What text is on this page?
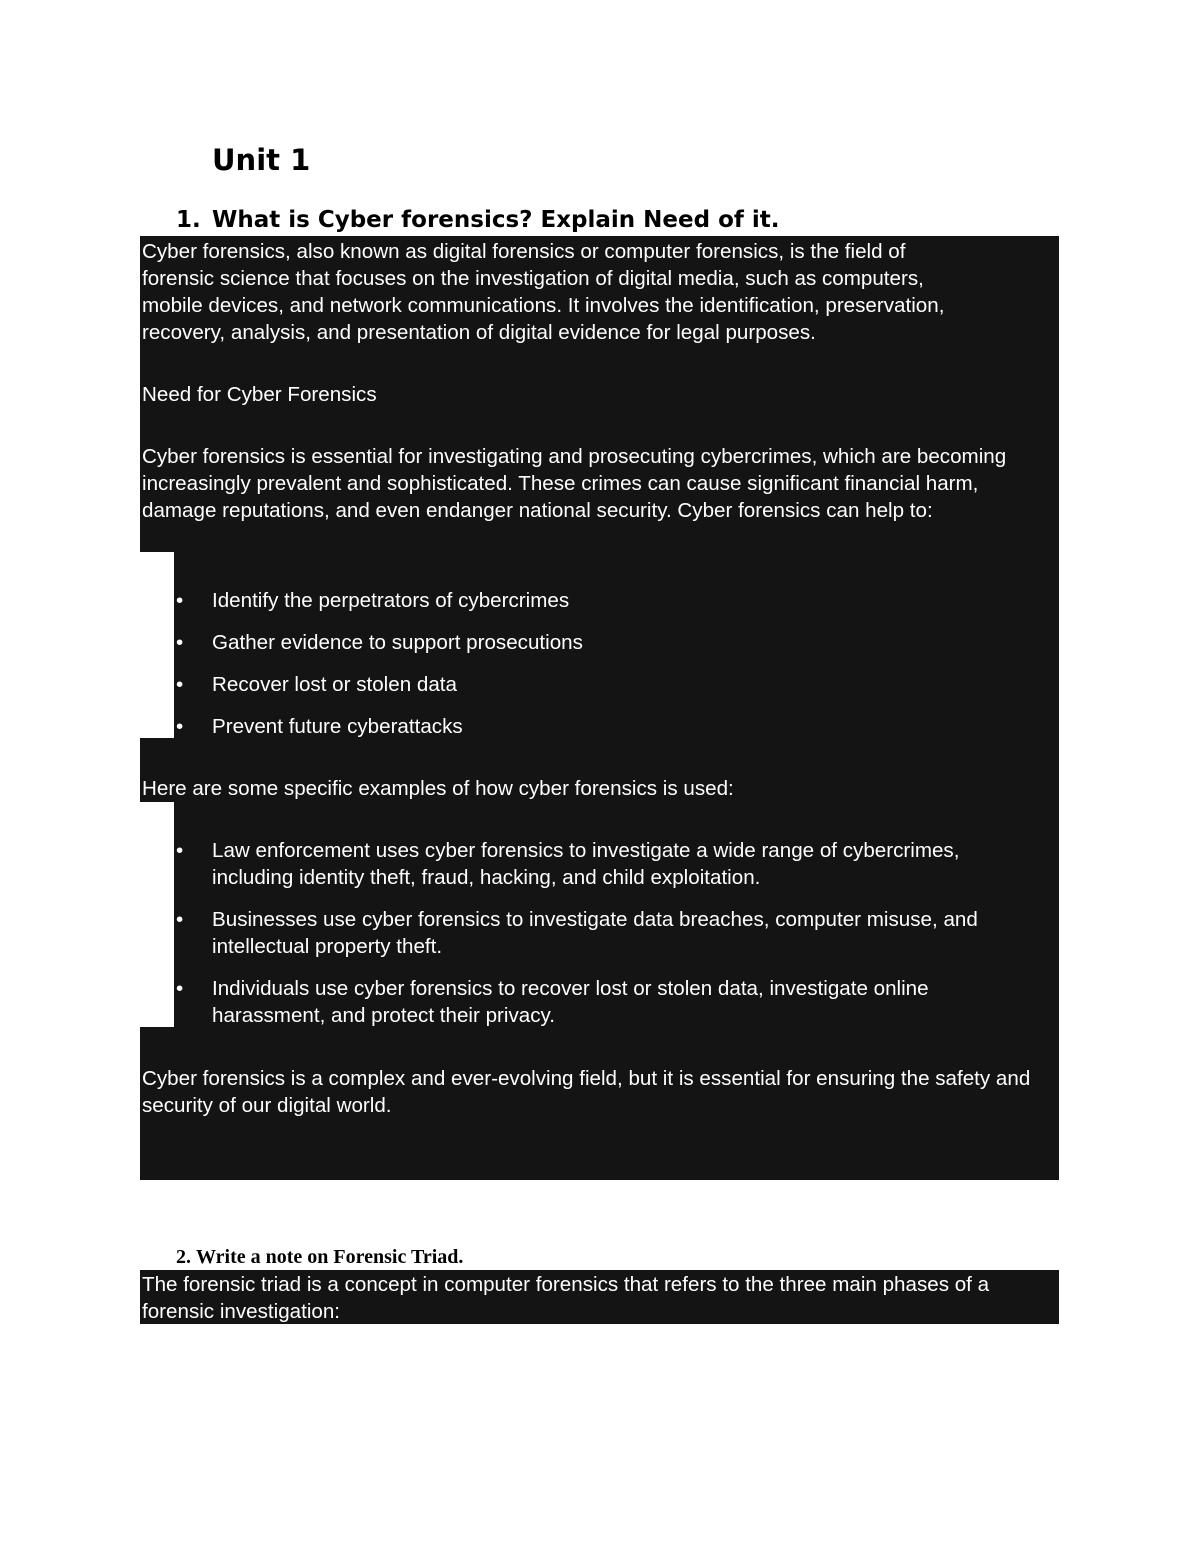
Unit 1
1. What is Cyber forensics? Explain Need of it.
Cyber forensics, also known as digital forensics or computer forensics, is the field of
forensic science that focuses on the investigation of digital media, such as computers,
mobile devices, and network communications. It involves the identification, preservation,
recovery, analysis, and presentation of digital evidence for legal purposes.

Need for Cyber Forensics

Cyber forensics is essential for investigating and prosecuting cybercrimes, which are becoming increasingly prevalent and sophisticated. These crimes can cause significant financial harm, damage reputations, and even endanger national security. Cyber forensics can help to:

• Identify the perpetrators of cybercrimes
• Gather evidence to support prosecutions
• Recover lost or stolen data
• Prevent future cyberattacks

Here are some specific examples of how cyber forensics is used:

• Law enforcement uses cyber forensics to investigate a wide range of cybercrimes, including identity theft, fraud, hacking, and child exploitation.
• Businesses use cyber forensics to investigate data breaches, computer misuse, and intellectual property theft.
• Individuals use cyber forensics to recover lost or stolen data, investigate online harassment, and protect their privacy.

Cyber forensics is a complex and ever-evolving field, but it is essential for ensuring the safety and security of our digital world.

2. Write a note on Forensic Triad.

The forensic triad is a concept in computer forensics that refers to the three main phases of a forensic investigation:
